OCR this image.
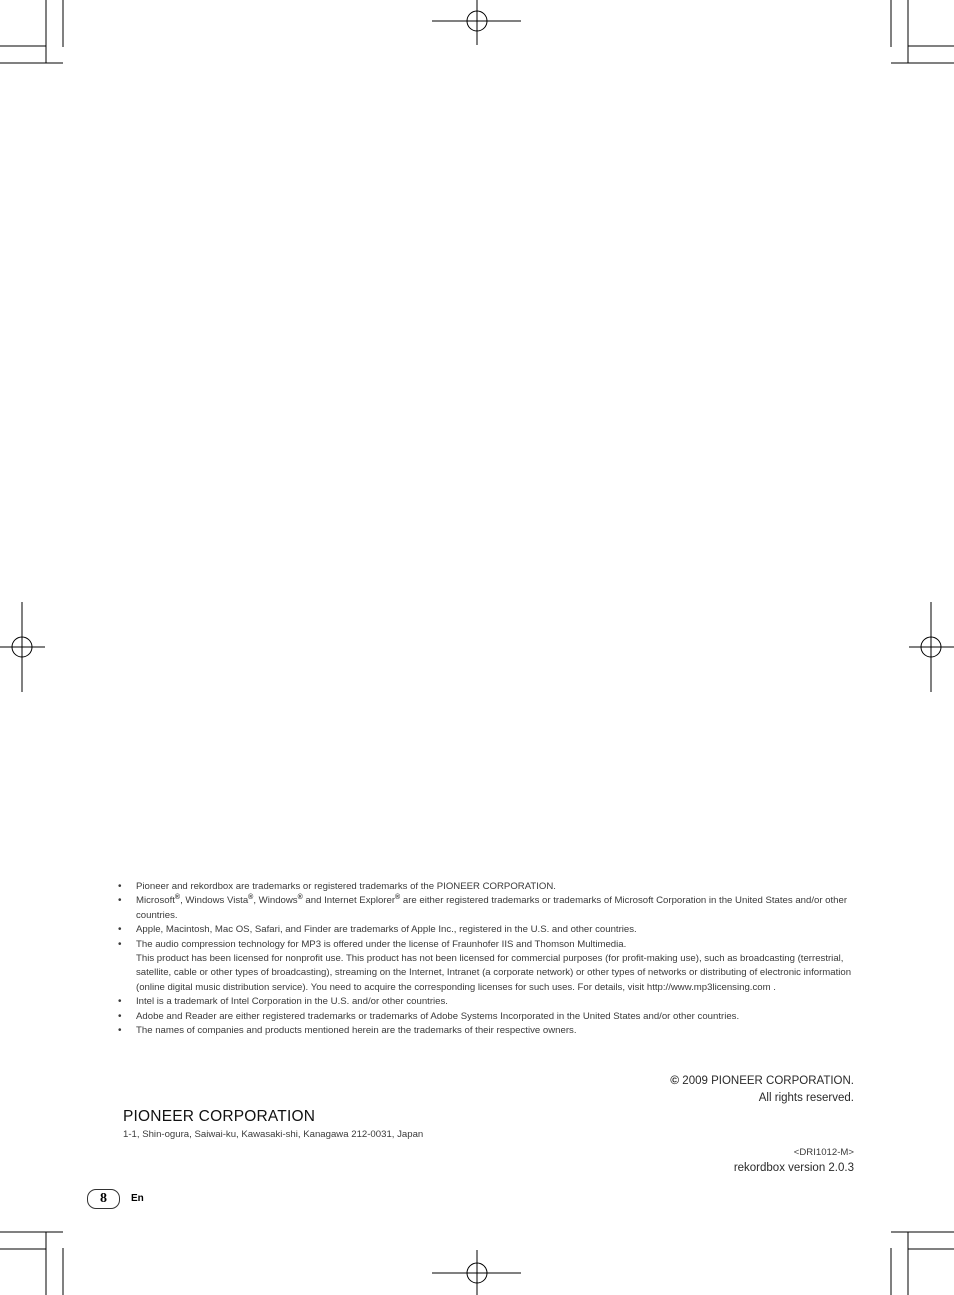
• Pioneer and rekordbox are trademarks or registered trademarks of the PIONEER CORPORATION.
• Microsoft®, Windows Vista®, Windows® and Internet Explorer® are either registered trademarks or trademarks of Microsoft Corporation in the United States and/or other countries.
• Apple, Macintosh, Mac OS, Safari, and Finder are trademarks of Apple Inc., registered in the U.S. and other countries.
• The audio compression technology for MP3 is offered under the license of Fraunhofer IIS and Thomson Multimedia.
This product has been licensed for nonprofit use. This product has not been licensed for commercial purposes (for profit-making use), such as broadcasting (terrestrial, satellite, cable or other types of broadcasting), streaming on the Internet, Intranet (a corporate network) or other types of networks or distributing of electronic information (online digital music distribution service). You need to acquire the corresponding licenses for such uses. For details, visit http://www.mp3licensing.com .
• Intel is a trademark of Intel Corporation in the U.S. and/or other countries.
• Adobe and Reader are either registered trademarks or trademarks of Adobe Systems Incorporated in the United States and/or other countries.
• The names of companies and products mentioned herein are the trademarks of their respective owners.
© 2009 PIONEER CORPORATION.
All rights reserved.
PIONEER CORPORATION
1-1, Shin-ogura, Saiwai-ku, Kawasaki-shi, Kanagawa 212-0031, Japan
<DRI1012-M>
rekordbox version 2.0.3
8	En
